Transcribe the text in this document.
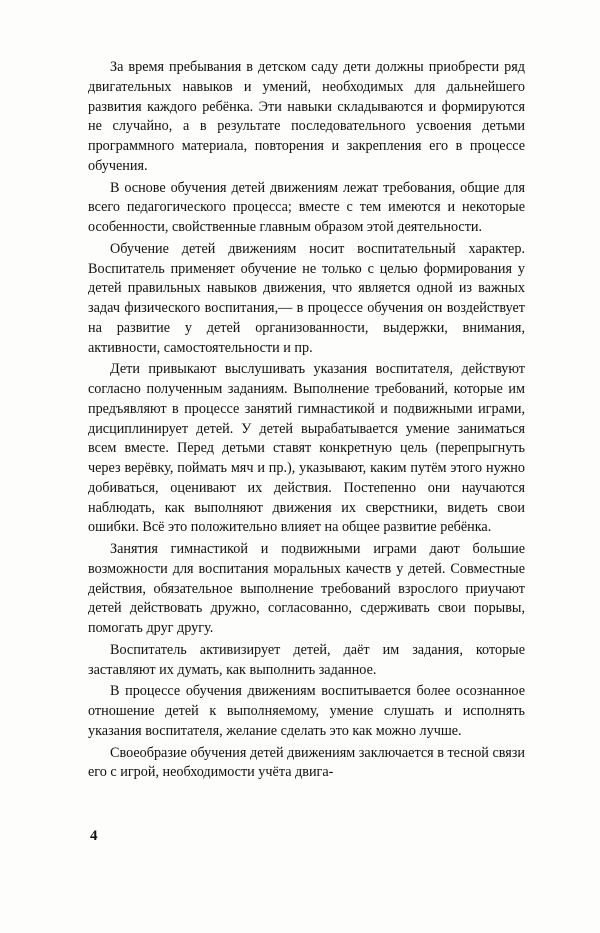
За время пребывания в детском саду дети должны приобрести ряд двигательных навыков и умений, необходимых для дальнейшего развития каждого ребёнка. Эти навыки складываются и формируются не случайно, а в результате последовательного усвоения детьми программного материала, повторения и закрепления его в процессе обучения.

В основе обучения детей движениям лежат требования, общие для всего педагогического процесса; вместе с тем имеются и некоторые особенности, свойственные главным образом этой деятельности.

Обучение детей движениям носит воспитательный характер. Воспитатель применяет обучение не только с целью формирования у детей правильных навыков движения, что является одной из важных задач физического воспитания,— в процессе обучения он воздействует на развитие у детей организованности, выдержки, внимания, активности, самостоятельности и пр.

Дети привыкают выслушивать указания воспитателя, действуют согласно полученным заданиям. Выполнение требований, которые им предъявляют в процессе занятий гимнастикой и подвижными играми, дисциплинирует детей. У детей вырабатывается умение заниматься всем вместе. Перед детьми ставят конкретную цель (перепрыгнуть через верёвку, поймать мяч и пр.), указывают, каким путём этого нужно добиваться, оценивают их действия. Постепенно они научаются наблюдать, как выполняют движения их сверстники, видеть свои ошибки. Всё это положительно влияет на общее развитие ребёнка.

Занятия гимнастикой и подвижными играми дают большие возможности для воспитания моральных качеств у детей. Совместные действия, обязательное выполнение требований взрослого приучают детей действовать дружно, согласованно, сдерживать свои порывы, помогать друг другу.

Воспитатель активизирует детей, даёт им задания, которые заставляют их думать, как выполнить заданное.

В процессе обучения движениям воспитывается более осознанное отношение детей к выполняемому, умение слушать и исполнять указания воспитателя, желание сделать это как можно лучше.

Своеобразие обучения детей движениям заключается в тесной связи его с игрой, необходимости учёта двига-

4
